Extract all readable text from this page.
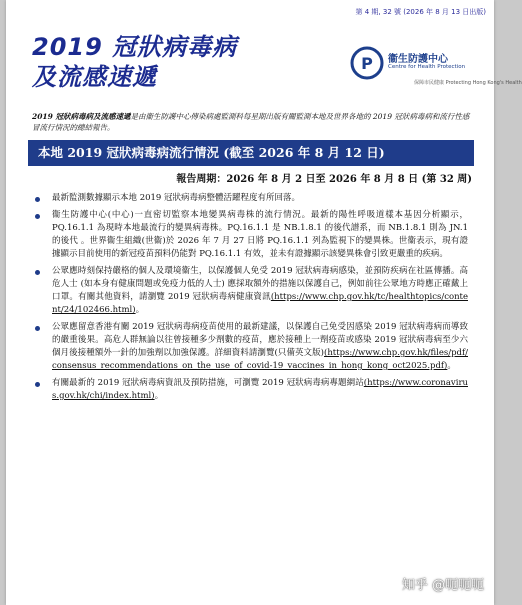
第 4 期, 32 號 (2026 年 8 月 13 日出版)
2019 冠狀病毒病
及流感速遞	P 衞生防護中心
Centre for Health Protection
保障市民健康 Protecting Hong Kong's Health
2019 冠狀病毒病及流感速遞是由衞生防護中心傳染病處監測科每星期出版有關監測本地及世界各地的 2019 冠狀病毒病和流行性感冒流行情況的總結報告。
本地 2019 冠狀病毒病流行情況 (截至 2026 年 8 月 12 日)
報告周期：2026 年 8 月 2 日至 2026 年 8 月 8 日 (第 32 周)
最新監測數據顯示本地 2019 冠狀病毒病整體活躍程度有所回落。
衞生防護中心(中心)一直密切監察本地變異病毒株的流行情況。最新的陽性呼吸道樣本基因分析顯示， PQ.16.1.1 為現時本地最流行的變異病毒株。PQ.16.1.1 是 NB.1.8.1 的後代譜系，而 NB.1.8.1 則為 JN.1 的後代 。世界衞生組織(世衞)於 2026 年 7 月 27 日將 PQ.16.1.1 列為監視下的變異株。世衞表示，現有證據顯示目前使用的新冠疫苗預料仍能對 PQ.16.1.1 有效，並未有證據顯示該變異株會引致更嚴重的疾病。
公眾應時刻保持嚴格的個人及環境衞生，以保護個人免受 2019 冠狀病毒病感染，並預防疾病在社區傳播。高危人士 (如本身有健康問題或免疫力低的人士) 應採取額外的措施以保護自己，例如前往公眾地方時應正確戴上口罩。有關其他資料，請瀏覽 2019 冠狀病毒病健康資訊(https://www.chp.gov.hk/tc/healthtopics/content/24/102466.html)。
公眾應留意香港有關 2019 冠狀病毒病疫苗使用的最新建議，以保護自己免受因感染 2019 冠狀病毒病而導致的嚴重後果。高危人群無論以往曾接種多少劑數的疫苗，應於接種上一劑疫苗或感染 2019 冠狀病毒病至少六個月後接種額外一針的加強劑以加強保護。詳細資料請瀏覽(只備英文版)(https://www.chp.gov.hk/files/pdf/consensus_recommendations_on_the_use_of_covid-19_vaccines_in_hong_kong_oct2025.pdf)。
有關最新的 2019 冠狀病毒病資訊及預防措施，可瀏覽 2019 冠狀病毒病專題網站(https://www.coronavirus.gov.hk/chi/index.html)。
知乎 @呃呃呃
